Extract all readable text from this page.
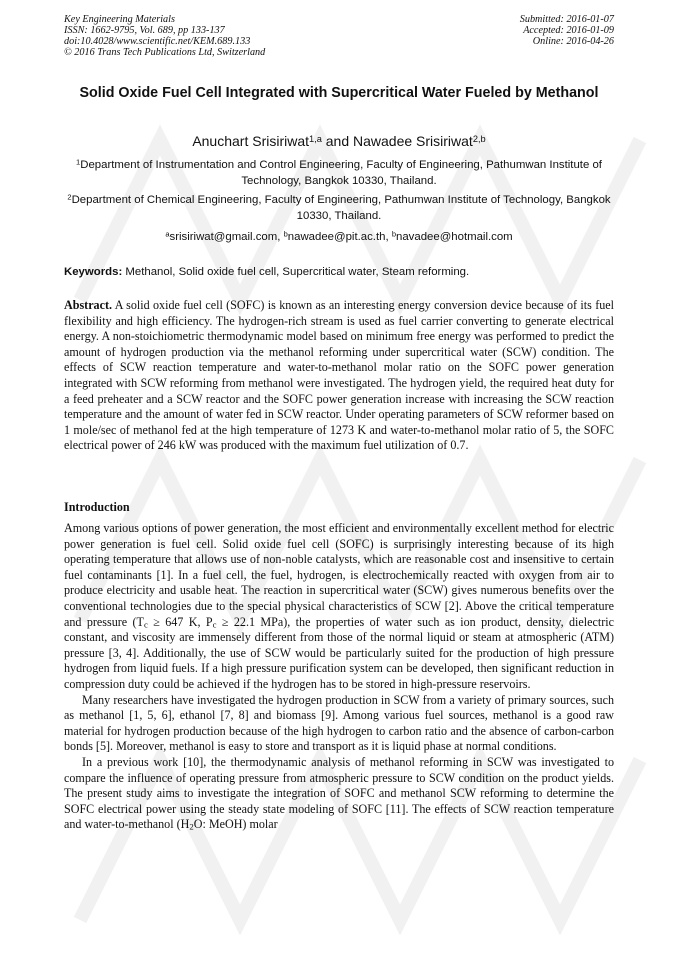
Key Engineering Materials
ISSN: 1662-9795, Vol. 689, pp 133-137
doi:10.4028/www.scientific.net/KEM.689.133
© 2016 Trans Tech Publications Ltd, Switzerland
Submitted: 2016-01-07
Accepted: 2016-01-09
Online: 2016-04-26
Solid Oxide Fuel Cell Integrated with Supercritical Water Fueled by Methanol
Anuchart Srisiriwat$^{1,a}$ and Nawadee Srisiriwat$^{2,b}$
$^1$Department of Instrumentation and Control Engineering, Faculty of Engineering, Pathumwan Institute of Technology, Bangkok 10330, Thailand.
$^2$Department of Chemical Engineering, Faculty of Engineering, Pathumwan Institute of Technology, Bangkok 10330, Thailand.
$^a$srisiriwat@gmail.com, $^b$nawadee@pit.ac.th, $^b$navadee@hotmail.com
Keywords: Methanol, Solid oxide fuel cell, Supercritical water, Steam reforming.
Abstract. A solid oxide fuel cell (SOFC) is known as an interesting energy conversion device because of its fuel flexibility and high efficiency. The hydrogen-rich stream is used as fuel carrier converting to generate electrical energy. A non-stoichiometric thermodynamic model based on minimum free energy was performed to predict the amount of hydrogen production via the methanol reforming under supercritical water (SCW) condition. The effects of SCW reaction temperature and water-to-methanol molar ratio on the SOFC power generation integrated with SCW reforming from methanol were investigated. The hydrogen yield, the required heat duty for a feed preheater and a SCW reactor and the SOFC power generation increase with increasing the SCW reaction temperature and the amount of water fed in SCW reactor. Under operating parameters of SCW reformer based on 1 mole/sec of methanol fed at the high temperature of 1273 K and water-to-methanol molar ratio of 5, the SOFC electrical power of 246 kW was produced with the maximum fuel utilization of 0.7.
Introduction

Among various options of power generation, the most efficient and environmentally excellent method for electric power generation is fuel cell. Solid oxide fuel cell (SOFC) is surprisingly interesting because of its high operating temperature that allows use of non-noble catalysts, which are reasonable cost and insensitive to certain fuel contaminants [1]. In a fuel cell, the fuel, hydrogen, is electrochemically reacted with oxygen from air to produce electricity and usable heat. The reaction in supercritical water (SCW) gives numerous benefits over the conventional technologies due to the special physical characteristics of SCW [2]. Above the critical temperature and pressure ($T_c \ge 647$ K, $P_c \ge 22.1$ MPa), the properties of water such as ion product, density, dielectric constant, and viscosity are immensely different from those of the normal liquid or steam at atmospheric (ATM) pressure [3, 4]. Additionally, the use of SCW would be particularly suited for the production of high pressure hydrogen from liquid fuels. If a high pressure purification system can be developed, then significant reduction in compression duty could be achieved if the hydrogen has to be stored in high-pressure reservoirs.

Many researchers have investigated the hydrogen production in SCW from a variety of primary sources, such as methanol [1, 5, 6], ethanol [7, 8] and biomass [9]. Among various fuel sources, methanol is a good raw material for hydrogen production because of the high hydrogen to carbon ratio and the absence of carbon-carbon bonds [5]. Moreover, methanol is easy to store and transport as it is liquid phase at normal conditions.

In a previous work [10], the thermodynamic analysis of methanol reforming in SCW was investigated to compare the influence of operating pressure from atmospheric pressure to SCW condition on the product yields. The present study aims to investigate the integration of SOFC and methanol SCW reforming to determine the SOFC electrical power using the steady state modeling of SOFC [11]. The effects of SCW reaction temperature and water-to-methanol ($H_2O$: MeOH) molar
